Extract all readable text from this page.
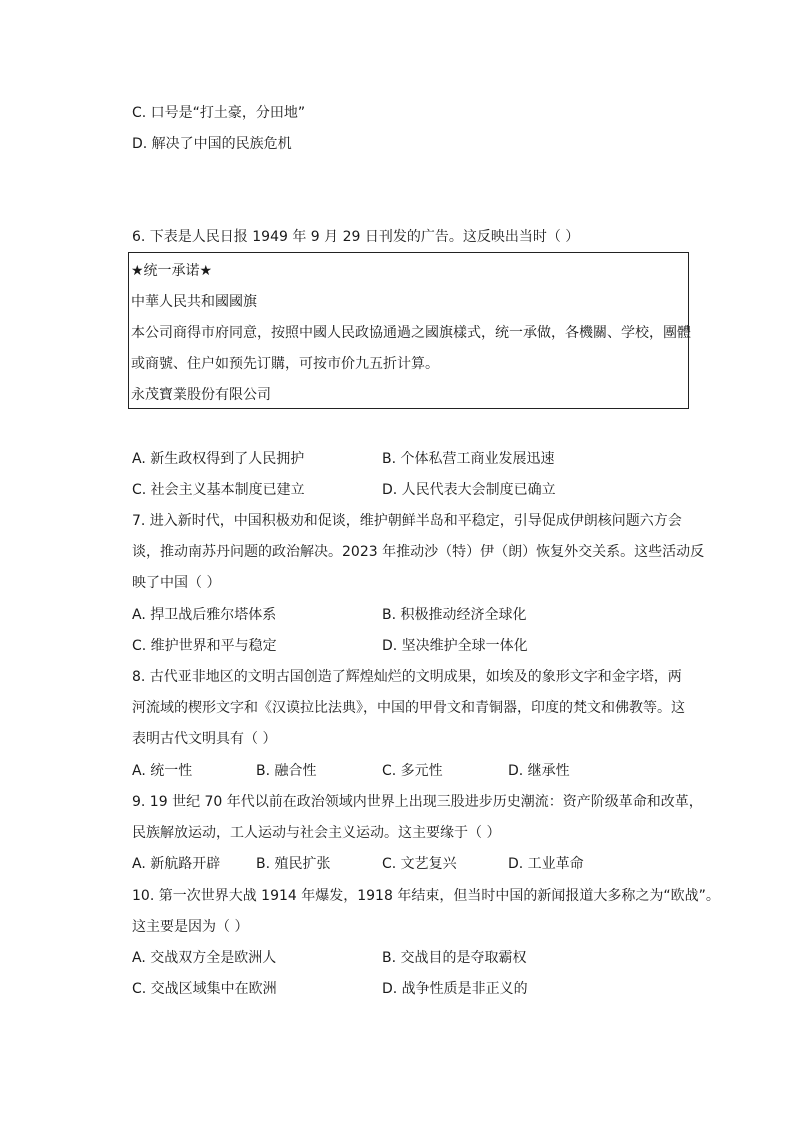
C. 口号是“打土豪，分田地”
D. 解决了中国的民族危机
6. 下表是人民日报 1949 年 9 月 29 日刊发的广告。这反映出当时（ ）
★统一承诺★
中華人民共和國國旗
本公司商得市府同意，按照中國人民政協通過之國旗樣式，统一承做，各機關、学校，團體
或商號、住户如预先订購，可按市价九五折计算。
永茂寶業股份有限公司
A. 新生政权得到了人民拥护	B. 个体私营工商业发展迅速
C. 社会主义基本制度已建立	D. 人民代表大会制度已确立
7. 进入新时代，中国积极劝和促谈，维护朝鲜半岛和平稳定，引导促成伊朗核问题六方会
谈，推动南苏丹问题的政治解决。2023 年推动沙（特）伊（朗）恢复外交关系。这些活动反
映了中国（ ）
A. 捍卫战后雅尔塔体系	B. 积极推动经济全球化
C. 维护世界和平与稳定	D. 坚决维护全球一体化
8. 古代亚非地区的文明古国创造了辉煌灿烂的文明成果，如埃及的象形文字和金字塔，两
河流域的楔形文字和《汉谟拉比法典》，中国的甲骨文和青铜器，印度的梵文和佛教等。这
表明古代文明具有（ ）
A. 统一性	B. 融合性	C. 多元性	D. 继承性
9. 19 世纪 70 年代以前在政治领域内世界上出现三股进步历史潮流：资产阶级革命和改革，
民族解放运动，工人运动与社会主义运动。这主要缘于（ ）
A. 新航路开辟	B. 殖民扩张	C. 文艺复兴	D. 工业革命
10. 第一次世界大战 1914 年爆发，1918 年结束，但当时中国的新闻报道大多称之为“欧战”。
这主要是因为（ ）
A. 交战双方全是欧洲人	B. 交战目的是夺取霸权
C. 交战区域集中在欧洲	D. 战争性质是非正义的
